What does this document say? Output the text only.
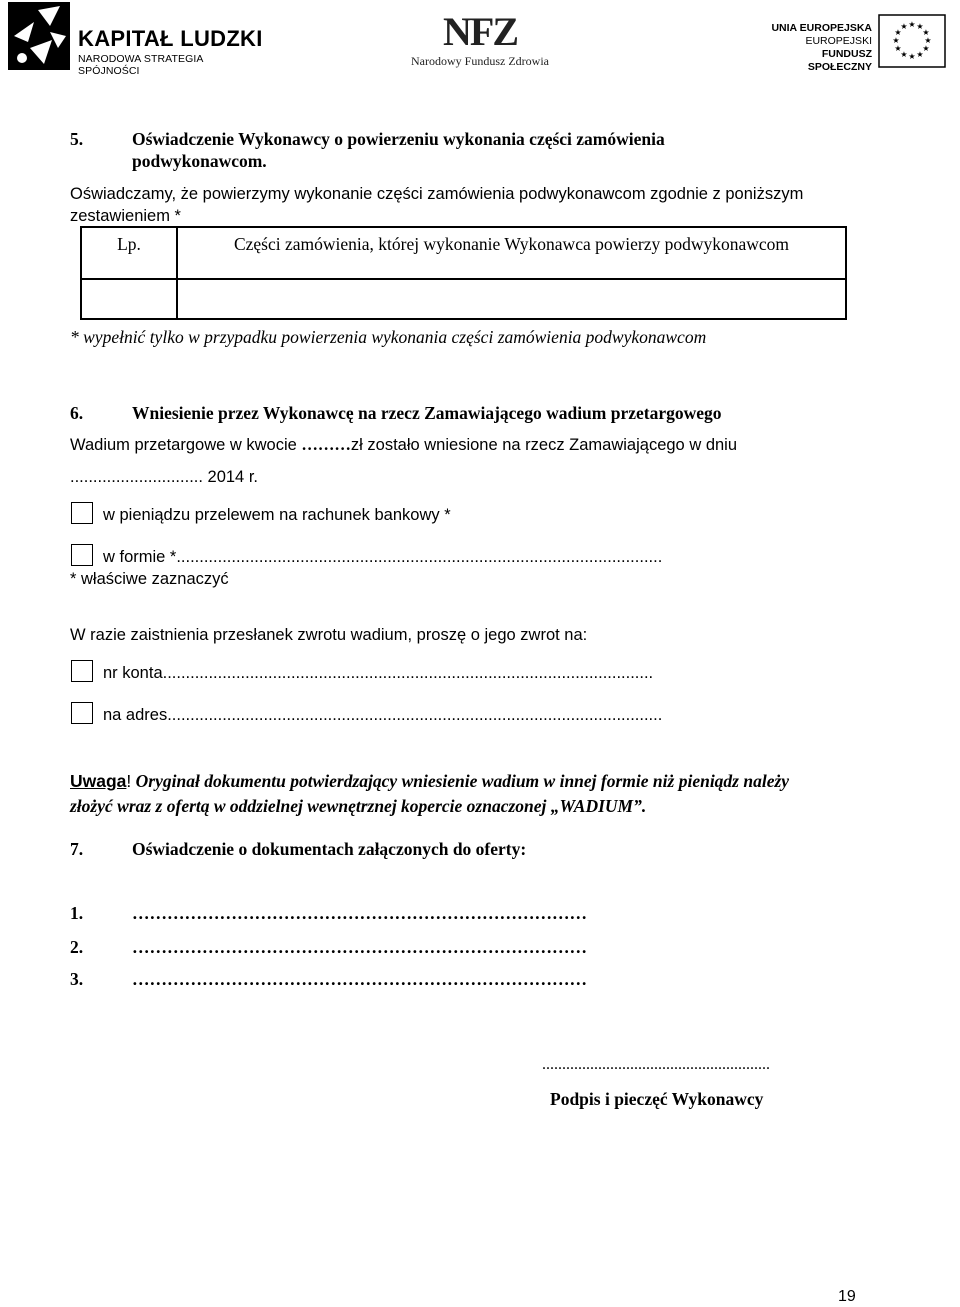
KAPITAŁ LUDZKI
NARODOWA STRATEGIA SPÓJNOŚCI
NFZ
Narodowy Fundusz Zdrowia
UNIA EUROPEJSKA
EUROPEJSKI
FUNDUSZ SPOŁECZNY
★ ★
★
★
★
★
★
★
★
★
★
★
5.	Oświadczenie Wykonawcy o powierzeniu wykonania części zamówienia
podwykonawcom.
Oświadczamy, że powierzymy wykonanie części zamówienia podwykonawcom zgodnie z poniższym
zestawieniem *
Lp.	Części zamówienia, której wykonanie Wykonawca powierzy podwykonawcom

* wypełnić tylko w przypadku powierzenia wykonania części zamówienia podwykonawcom
6.	Wniesienie przez Wykonawcę na rzecz Zamawiającego wadium przetargowego
Wadium przetargowe w kwocie ………zł zostało wniesione na rzecz Zamawiającego w dniu
............................. 2014 r.
w pieniądzu przelewem na rachunek bankowy *
w formie *..........................................................................................................
* właściwe zaznaczyć
W razie zaistnienia przesłanek zwrotu wadium, proszę o jego zwrot na:
nr konta...........................................................................................................
na adres............................................................................................................
Uwaga! Oryginał dokumentu potwierdzający wniesienie wadium w innej formie niż pieniądz należy
złożyć wraz z ofertą w oddzielnej wewnętrznej kopercie oznaczonej „WADIUM”.
7.	Oświadczenie o dokumentach załączonych do oferty:
1.	……………………………………………………………………
2.	……………………………………………………………………
3.	……………………………………………………………………
.........................................................
Podpis i pieczęć Wykonawcy
19
